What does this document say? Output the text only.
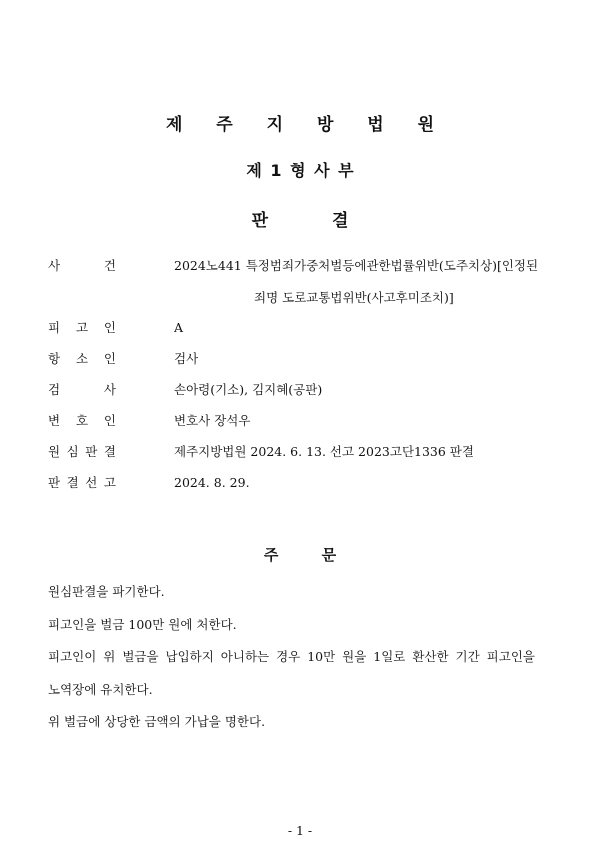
제 주 지 방 법 원
제 1 형 사 부
판 결
사	건	2024노441 특정범죄가중처벌등에관한법률위반(도주치상)[인정된
죄명 도로교통법위반(사고후미조치)]
피 고 인	A
항 소 인	검사
검	사	손아령(기소), 김지혜(공판)
변 호 인	변호사 장석우
원 심 판 결	제주지방법원 2024. 6. 13. 선고 2023고단1336 판결
판 결 선 고	2024. 8. 29.
주 문

원심판결을 파기한다.

피고인을 벌금 100만 원에 처한다.

피고인이 위 벌금을 납입하지 아니하는 경우 10만 원을 1일로 환산한 기간 피고인을

노역장에 유치한다.

위 벌금에 상당한 금액의 가납을 명한다.

- 1 -
